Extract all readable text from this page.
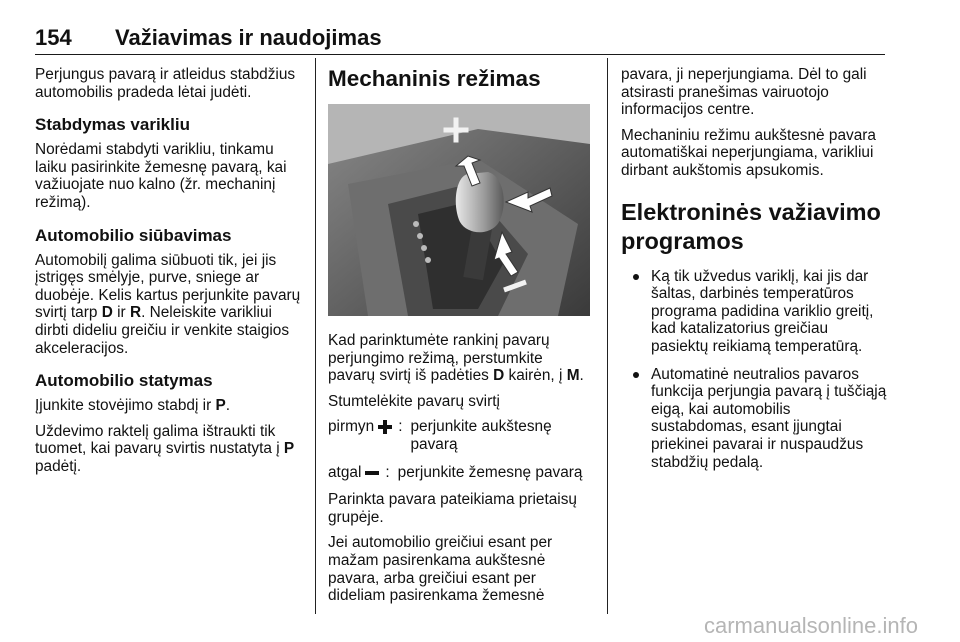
154 Važiavimas ir naudojimas

Perjungus pavarą ir atleidus stabdžius automobilis pradeda lėtai judėti.

Stabdymas varikliu

Norėdami stabdyti varikliu, tinkamu laiku pasirinkite žemesnę pavarą, kai važiuojate nuo kalno (žr. mechaninį režimą).

Automobilio siūbavimas

Automobilį galima siūbuoti tik, jei jis įstrigęs smėlyje, purve, sniege ar duobėje. Kelis kartus perjunkite pavarų svirtį tarp D ir R. Neleiskite varikliui dirbti dideliu greičiu ir venkite staigios akceleracijos.

Automobilio statymas

Įjunkite stovėjimo stabdį ir P.

Uždevimo raktelį galima ištraukti tik tuomet, kai pavarų svirtis nustatyta į P padėtį.

Mechaninis režimas

Kad parinktumėte rankinį pavarų perjungimo režimą, perstumkite pavarų svirtį iš padėties D kairėn, į M.

Stumtelėkite pavarų svirtį

pirmyn : perjunkite aukštesnę pavarą
atgal : perjunkite žemesnę pavarą

Parinkta pavara pateikiama prietaisų grupėje.

Jei automobilio greičiui esant per mažam pasirenkama aukštesnė pavara, arba greičiui esant per dideliam pasirenkama žemesnė

pavara, ji neperjungiama. Dėl to gali atsirasti pranešimas vairuotojo informacijos centre.

Mechaniniu režimu aukštesnė pavara automatiškai neperjungiama, varikliui dirbant aukštomis apsukomis.

Elektroninės važiavimo programos
Ką tik užvedus variklį, kai jis dar šaltas, darbinės temperatūros programa padidina variklio greitį, kad katalizatorius greičiau pasiektų reikiamą temperatūrą.
Automatinė neutralios pavaros funkcija perjungia pavarą į tuščiąją eigą, kai automobilis sustabdomas, esant įjungtai priekinei pavarai ir nuspaudžus stabdžių pedalą.
carmanualsonline.info
